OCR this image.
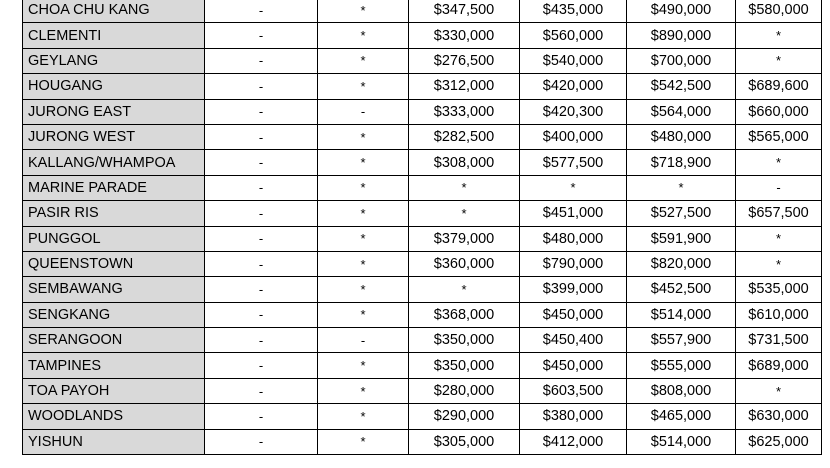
CHOA CHU KANG	-	*	$347,500	$435,000	$490,000	$580,000
CLEMENTI	-	*	$330,000	$560,000	$890,000	*
GEYLANG	-	*	$276,500	$540,000	$700,000	*
HOUGANG	-	*	$312,000	$420,000	$542,500	$689,600
JURONG EAST	-	-	$333,000	$420,300	$564,000	$660,000
JURONG WEST	-	*	$282,500	$400,000	$480,000	$565,000
KALLANG/WHAMPOA	-	*	$308,000	$577,500	$718,900	*
MARINE PARADE	-	*	*	*	*	-
PASIR RIS	-	*	*	$451,000	$527,500	$657,500
PUNGGOL	-	*	$379,000	$480,000	$591,900	*
QUEENSTOWN	-	*	$360,000	$790,000	$820,000	*
SEMBAWANG	-	*	*	$399,000	$452,500	$535,000
SENGKANG	-	*	$368,000	$450,000	$514,000	$610,000
SERANGOON	-	-	$350,000	$450,400	$557,900	$731,500
TAMPINES	-	*	$350,000	$450,000	$555,000	$689,000
TOA PAYOH	-	*	$280,000	$603,500	$808,000	*
WOODLANDS	-	*	$290,000	$380,000	$465,000	$630,000
YISHUN	-	*	$305,000	$412,000	$514,000	$625,000
